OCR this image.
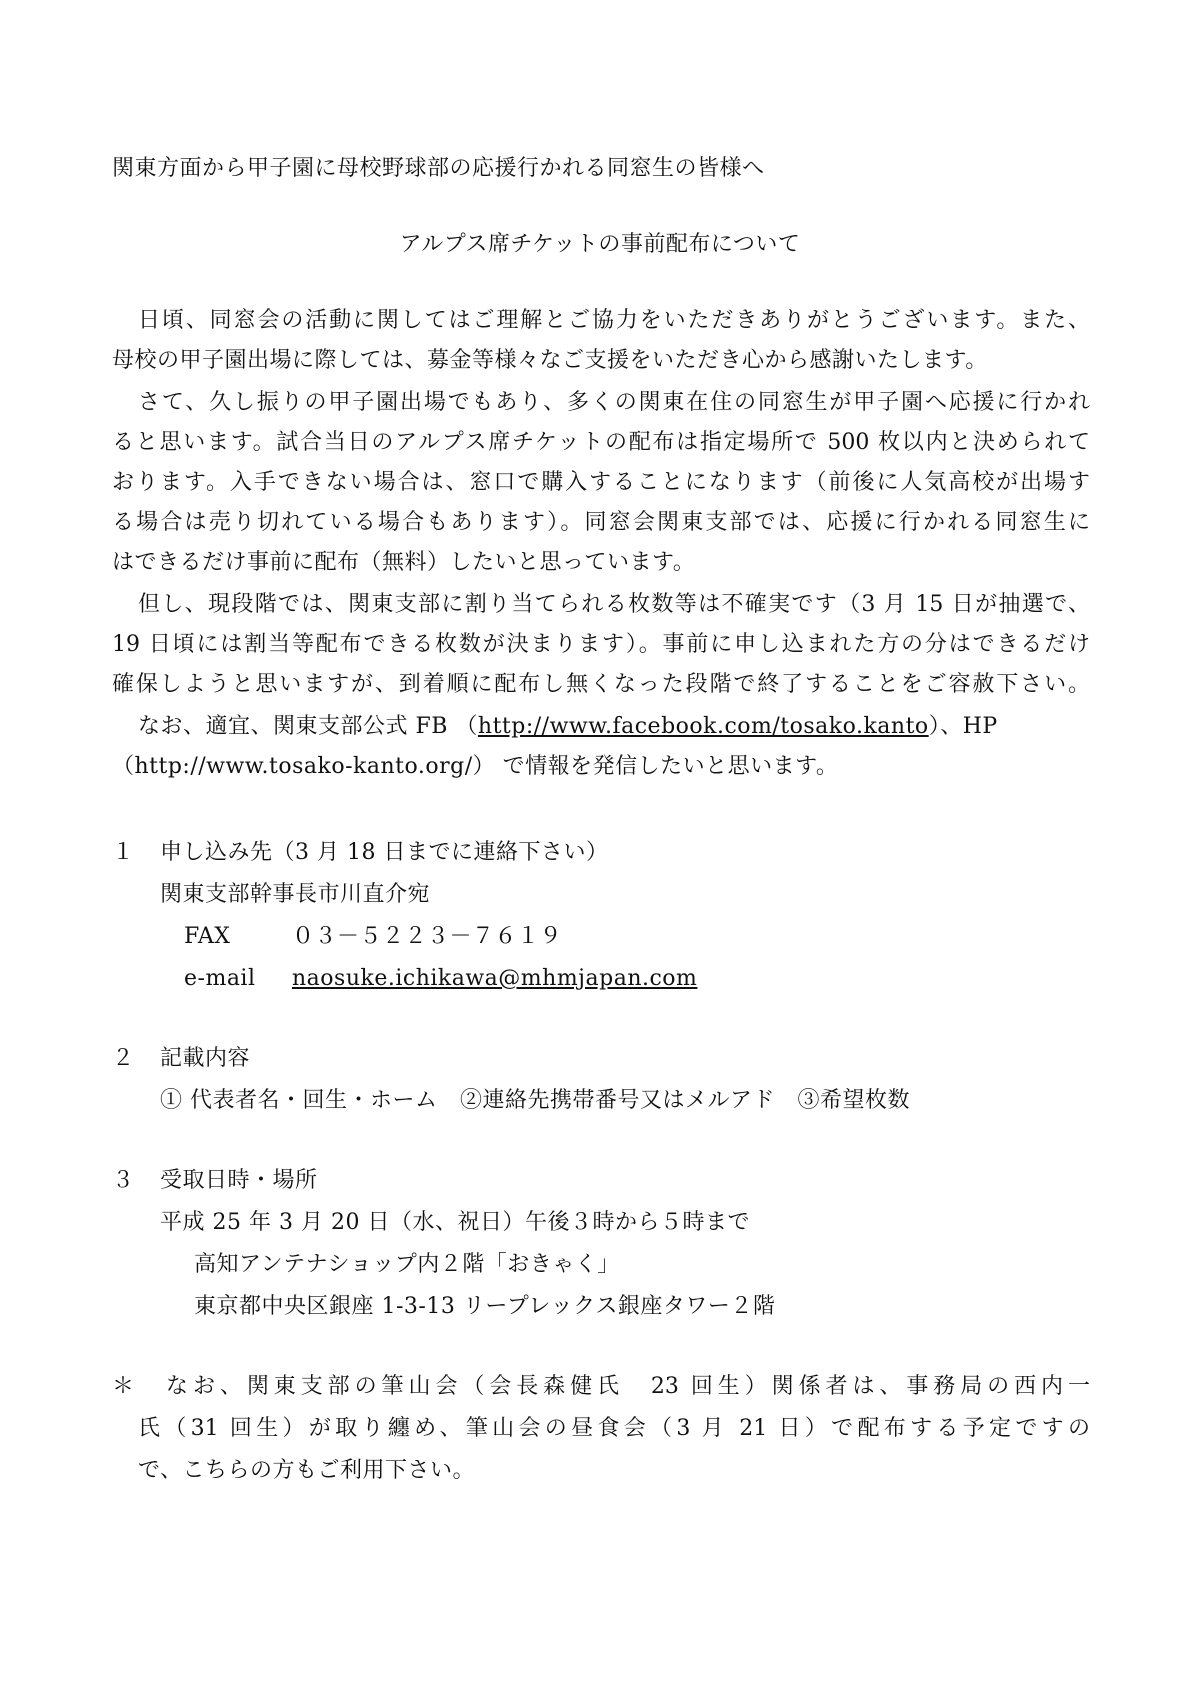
関東方面から甲子園に母校野球部の応援行かれる同窓生の皆様へ
アルプス席チケットの事前配布について
日頃、同窓会の活動に関してはご理解とご協力をいただきありがとうございます。また、
母校の甲子園出場に際しては、募金等様々なご支援をいただき心から感謝いたします。
さて、久し振りの甲子園出場でもあり、多くの関東在住の同窓生が甲子園へ応援に行かれ
ると思います。試合当日のアルプス席チケットの配布は指定場所で 500 枚以内と決められて
おります。入手できない場合は、窓口で購入することになります（前後に人気高校が出場す
る場合は売り切れている場合もあります）。同窓会関東支部では、応援に行かれる同窓生に
はできるだけ事前に配布（無料）したいと思っています。
但し、現段階では、関東支部に割り当てられる枚数等は不確実です（3 月 15 日が抽選で、
19 日頃には割当等配布できる枚数が決まります）。事前に申し込まれた方の分はできるだけ
確保しようと思いますが、到着順に配布し無くなった段階で終了することをご容赦下さい。
なお、適宜、関東支部公式 FB （http://www.facebook.com/tosako.kanto）、HP
（http://www.tosako-kanto.org/） で情報を発信したいと思います。
１ 申し込み先（3 月 18 日までに連絡下さい）
関東支部幹事長市川直介宛
FAX	０３－５２２３－７６１９
e-mail naosuke.ichikawa@mhmjapan.com
２ 記載内容
① 代表者名・回生・ホーム　②連絡先携帯番号又はメルアド　③希望枚数
３ 受取日時・場所
平成 25 年 3 月 20 日（水、祝日）午後３時から５時まで
高知アンテナショップ内２階「おきゃく」
東京都中央区銀座 1-3-13 リープレックス銀座タワー２階
＊ なお、関東支部の筆山会（会長森健氏　23 回生）関係者は、事務局の西内一
氏（31 回生）が取り纏め、筆山会の昼食会（3 月 21 日）で配布する予定ですの
で、こちらの方もご利用下さい。
